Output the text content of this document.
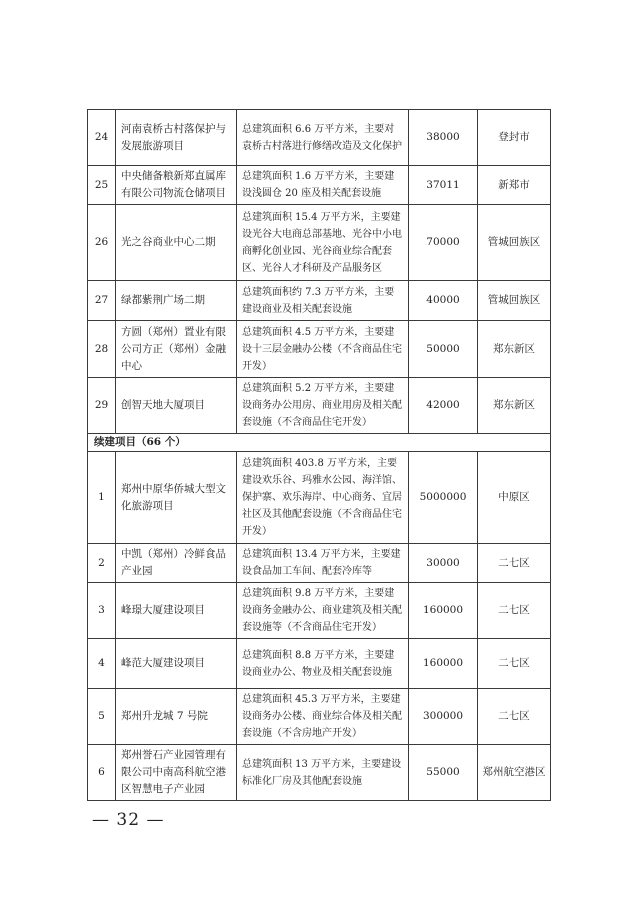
24	河南袁桥古村落保护与发展旅游项目	总建筑面积 6.6 万平方米，主要对袁桥古村落进行修缮改造及文化保护	38000	登封市
25	中央储备粮新郑直属库有限公司物流仓储项目	总建筑面积 1.6 万平方米，主要建设浅圆仓 20 座及相关配套设施	37011	新郑市
26	光之谷商业中心二期	总建筑面积 15.4 万平方米，主要建设光谷大电商总部基地、光谷中小电商孵化创业园、光谷商业综合配套区、光谷人才科研及产品服务区	70000	管城回族区
27	绿都紫荆广场二期	总建筑面积约 7.3 万平方米，主要建设商业及相关配套设施	40000	管城回族区
28	方圆（郑州）置业有限公司方正（郑州）金融中心	总建筑面积 4.5 万平方米，主要建设十三层金融办公楼（不含商品住宅开发）	50000	郑东新区
29	创智天地大厦项目	总建筑面积 5.2 万平方米，主要建设商务办公用房、商业用房及相关配套设施（不含商品住宅开发）	42000	郑东新区
续建项目（66 个）				
1	郑州中原华侨城大型文化旅游项目	总建筑面积 403.8 万平方米，主要建设欢乐谷、玛雅水公园、海洋馆、保护寨、欢乐海岸、中心商务、宜居社区及其他配套设施（不含商品住宅开发）	5000000	中原区
2	中凯（郑州）冷鲜食品产业园	总建筑面积 13.4 万平方米，主要建设食品加工车间、配套冷库等	30000	二七区
3	峰璟大厦建设项目	总建筑面积 9.8 万平方米，主要建设商务金融办公、商业建筑及相关配套设施等（不含商品住宅开发）	160000	二七区
4	峰范大厦建设项目	总建筑面积 8.8 万平方米，主要建设商业办公、物业及相关配套设施	160000	二七区
5	郑州升龙城 7 号院	总建筑面积 45.3 万平方米，主要建设商务办公楼、商业综合体及相关配套设施（不含房地产开发）	300000	二七区
6	郑州誉石产业园管理有限公司中南高科航空港区智慧电子产业园	总建筑面积 13 万平方米，主要建设标准化厂房及其他配套设施	55000	郑州航空港区
— 32 —
